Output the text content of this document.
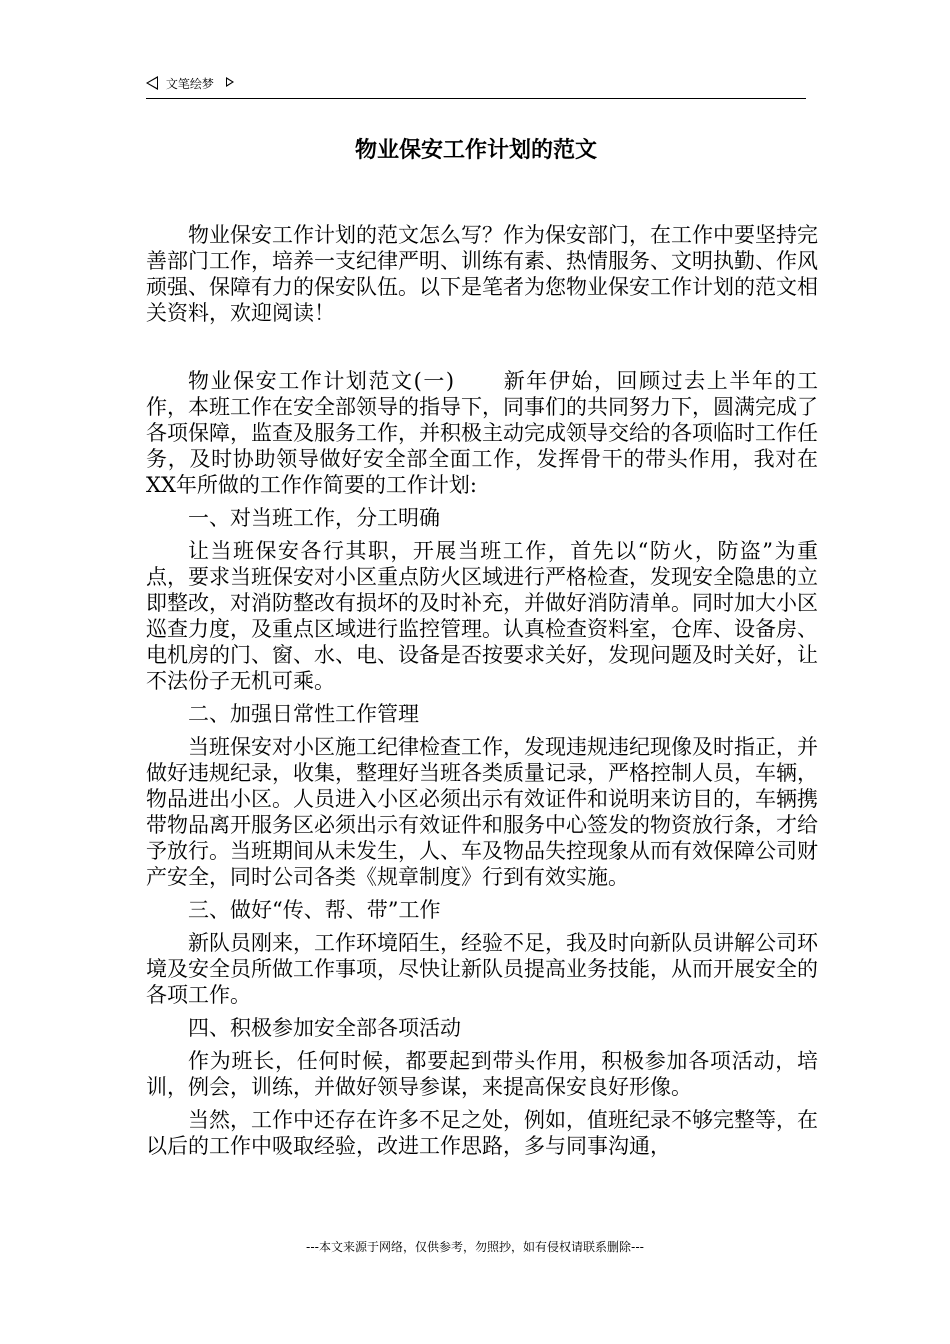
文笔绘梦
物业保安工作计划的范文

物业保安工作计划的范文怎么写？作为保安部门，在工作中要坚持完善部门工作，培养一支纪律严明、训练有素、热情服务、文明执勤、作风顽强、保障有力的保安队伍。以下是笔者为您物业保安工作计划的范文相关资料，欢迎阅读！

物业保安工作计划范文(一) 新年伊始，回顾过去上半年的工作，本班工作在安全部领导的指导下，同事们的共同努力下，圆满完成了各项保障，监查及服务工作，并积极主动完成领导交给的各项临时工作任务，及时协助领导做好安全部全面工作，发挥骨干的带头作用，我对在XX年所做的工作作简要的工作计划:

一、对当班工作，分工明确

让当班保安各行其职，开展当班工作，首先以“防火，防盗”为重点，要求当班保安对小区重点防火区域进行严格检查，发现安全隐患的立即整改，对消防整改有损坏的及时补充，并做好消防清单。同时加大小区巡查力度，及重点区域进行监控管理。认真检查资料室，仓库、设备房、电机房的门、窗、水、电、设备是否按要求关好，发现问题及时关好，让不法份子无机可乘。

二、加强日常性工作管理

当班保安对小区施工纪律检查工作，发现违规违纪现像及时指正，并做好违规纪录，收集，整理好当班各类质量记录，严格控制人员，车辆，物品进出小区。人员进入小区必须出示有效证件和说明来访目的，车辆携带物品离开服务区必须出示有效证件和服务中心签发的物资放行条，才给予放行。当班期间从未发生，人、车及物品失控现象从而有效保障公司财产安全，同时公司各类《规章制度》行到有效实施。

三、做好“传、帮、带”工作

新队员刚来，工作环境陌生，经验不足，我及时向新队员讲解公司环境及安全员所做工作事项，尽快让新队员提高业务技能，从而开展安全的各项工作。

四、积极参加安全部各项活动

作为班长，任何时候，都要起到带头作用，积极参加各项活动，培训，例会，训练，并做好领导参谋，来提高保安良好形像。

当然，工作中还存在许多不足之处，例如，值班纪录不够完整等，在以后的工作中吸取经验，改进工作思路，多与同事沟通，

---本文来源于网络，仅供参考，勿照抄，如有侵权请联系删除---
